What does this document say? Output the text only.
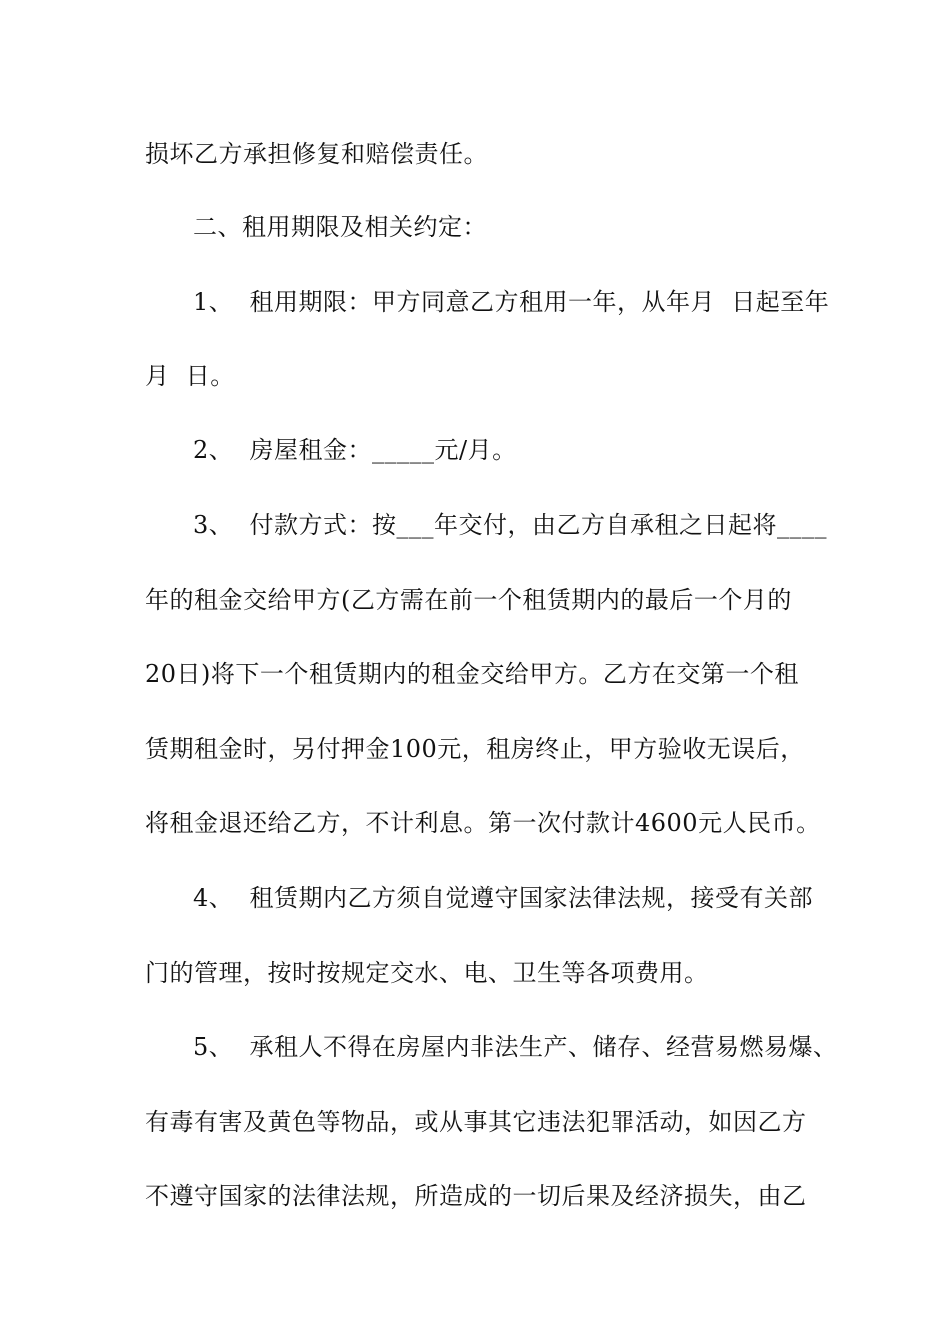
损坏乙方承担修复和赔偿责任。
二、租用期限及相关约定：
1、  租用期限：甲方同意乙方租用一年，从年月  日起至年
月  日。
2、  房屋租金：_____元/月。
3、  付款方式：按___年交付，由乙方自承租之日起将____
年的租金交给甲方(乙方需在前一个租赁期内的最后一个月的
20日)将下一个租赁期内的租金交给甲方。乙方在交第一个租
赁期租金时，另付押金100元，租房终止，甲方验收无误后，
将租金退还给乙方，不计利息。第一次付款计4600元人民币。
4、  租赁期内乙方须自觉遵守国家法律法规，接受有关部
门的管理，按时按规定交水、电、卫生等各项费用。
5、  承租人不得在房屋内非法生产、储存、经营易燃易爆、
有毒有害及黄色等物品，或从事其它违法犯罪活动，如因乙方
不遵守国家的法律法规，所造成的一切后果及经济损失，由乙
